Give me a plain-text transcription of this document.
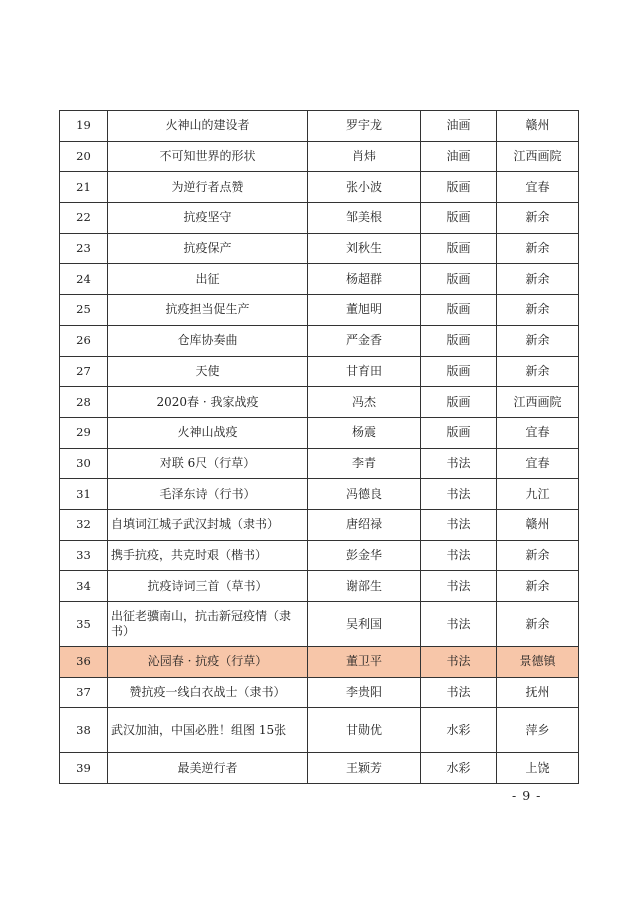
19	火神山的建设者	罗宇龙	油画	赣州
20	不可知世界的形状	肖炜	油画	江西画院
21	为逆行者点赞	张小波	版画	宜春
22	抗疫坚守	邹美根	版画	新余
23	抗疫保产	刘秋生	版画	新余
24	出征	杨超群	版画	新余
25	抗疫担当促生产	董旭明	版画	新余
26	仓库协奏曲	严金香	版画	新余
27	天使	甘育田	版画	新余
28	2020春 · 我家战疫	冯杰	版画	江西画院
29	火神山战疫	杨震	版画	宜春
30	对联 6尺（行草）	李青	书法	宜春
31	毛泽东诗（行书）	冯德良	书法	九江
32	自填词江城子武汉封城（隶书）	唐绍禄	书法	赣州
33	携手抗疫，共克时艰（楷书）	彭金华	书法	新余
34	抗疫诗词三首（草书）	谢部生	书法	新余
35	出征老骥南山，抗击新冠疫情（隶书）	吴利国	书法	新余
36	沁园春 · 抗疫（行草）	董卫平	书法	景德镇
37	赞抗疫一线白衣战士（隶书）	李贵阳	书法	抚州
38	武汉加油，中国必胜！组图 15张	甘勋优	水彩	萍乡
39	最美逆行者	王颖芳	水彩	上饶
- 9 -
